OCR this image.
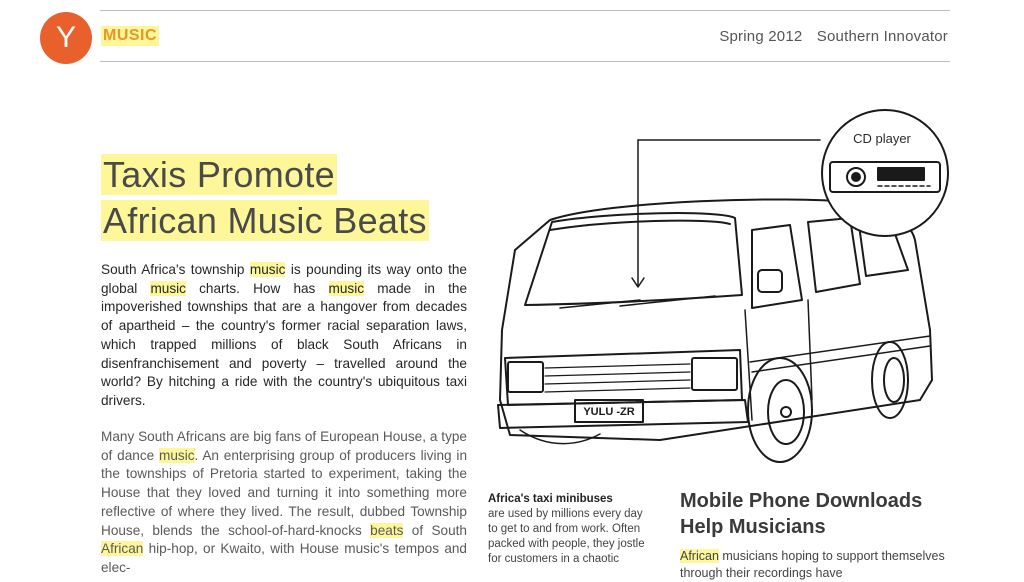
Y	MUSIC	Spring 2012 Southern Innovator
Taxis Promote
African Music Beats

South Africa's township music is pounding its way onto the global music charts. How has music made in the impoverished townships that are a hangover from decades of apartheid – the country's former racial separation laws, which trapped millions of black South Africans in disenfranchisement and poverty – travelled around the world? By hitching a ride with the country's ubiquitous taxi drivers.

Many South Africans are big fans of European House, a type of dance music. An enterprising group of producers living in the townships of Pretoria started to experiment, taking the House that they loved and turning it into something more reflective of where they lived. The result, dubbed Township House, blends the school-of-hard-knocks beats of South African hip-hop, or Kwaito, with House music's tempos and elec-

CD player
YULU -ZR

Africa's taxi minibuses
are used by millions every day to get to and from work. Often packed with people, they jostle for customers in a chaotic

Mobile Phone Downloads
Help Musicians

African musicians hoping to support themselves through their recordings have
